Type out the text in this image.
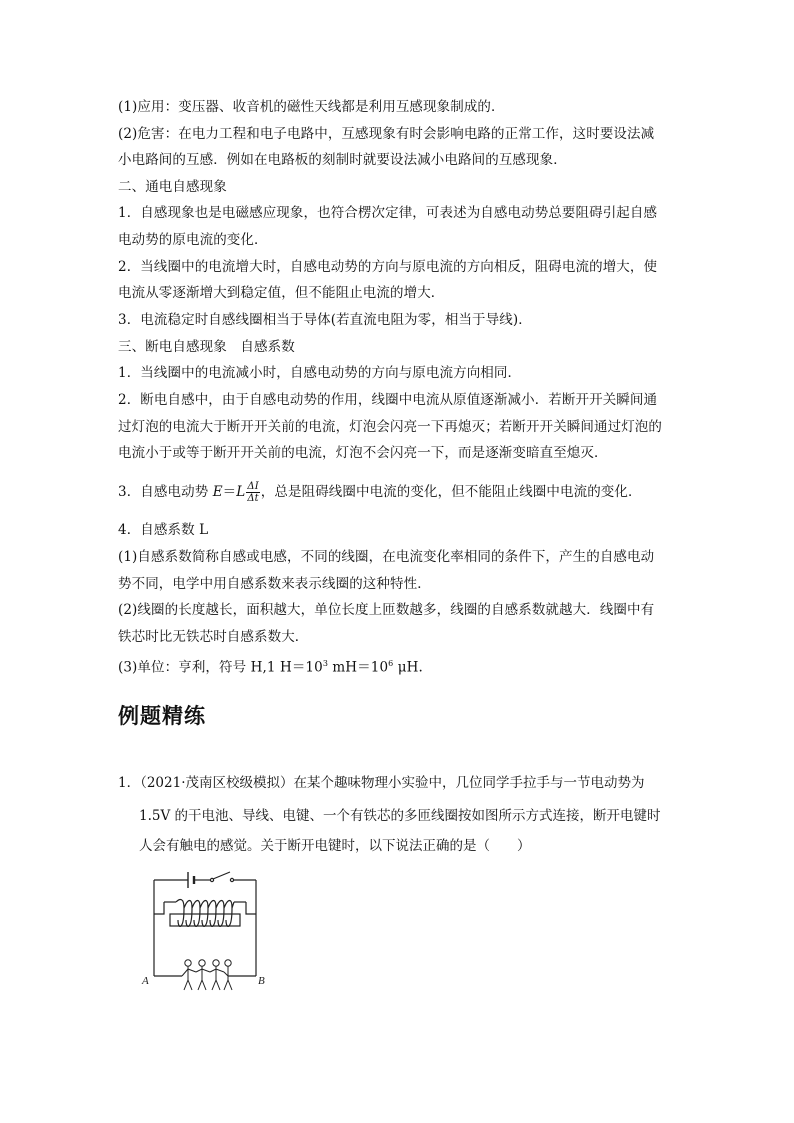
(1)应用：变压器、收音机的磁性天线都是利用互感现象制成的．
(2)危害：在电力工程和电子电路中，互感现象有时会影响电路的正常工作，这时要设法减
小电路间的互感．例如在电路板的刻制时就要设法减小电路间的互感现象．
二、通电自感现象
1．自感现象也是电磁感应现象，也符合楞次定律，可表述为自感电动势总要阻碍引起自感
电动势的原电流的变化．
2．当线圈中的电流增大时，自感电动势的方向与原电流的方向相反，阻碍电流的增大，使
电流从零逐渐增大到稳定值，但不能阻止电流的增大．
3．电流稳定时自感线圈相当于导体(若直流电阻为零，相当于导线)．
三、断电自感现象　自感系数
1．当线圈中的电流减小时，自感电动势的方向与原电流方向相同．
2．断电自感中，由于自感电动势的作用，线圈中电流从原值逐渐减小．若断开开关瞬间通
过灯泡的电流大于断开开关前的电流，灯泡会闪亮一下再熄灭；若断开开关瞬间通过灯泡的
电流小于或等于断开开关前的电流，灯泡不会闪亮一下，而是逐渐变暗直至熄灭．
3．自感电动势 $E=L \frac{\Delta I}{\Delta t}$ ，总是阻碍线圈中电流的变化，但不能阻止线圈中电流的变化．
4．自感系数 L
(1)自感系数简称自感或电感，不同的线圈，在电流变化率相同的条件下，产生的自感电动
势不同，电学中用自感系数来表示线圈的这种特性．
(2)线圈的长度越长，面积越大，单位长度上匝数越多，线圈的自感系数就越大．线圈中有
铁芯时比无铁芯时自感系数大．
(3)单位：亨利，符号 H,1 $H=10^3$ $mH=10^6$ μH.
例题精练
1．（2021·茂南区校级模拟）在某个趣味物理小实验中，几位同学手拉手与一节电动势为
1.5V 的干电池、导线、电键、一个有铁芯的多匝线圈按如图所示方式连接，断开电键时
人会有触电的感觉。关于断开电键时，以下说法正确的是（　　）
A	B
